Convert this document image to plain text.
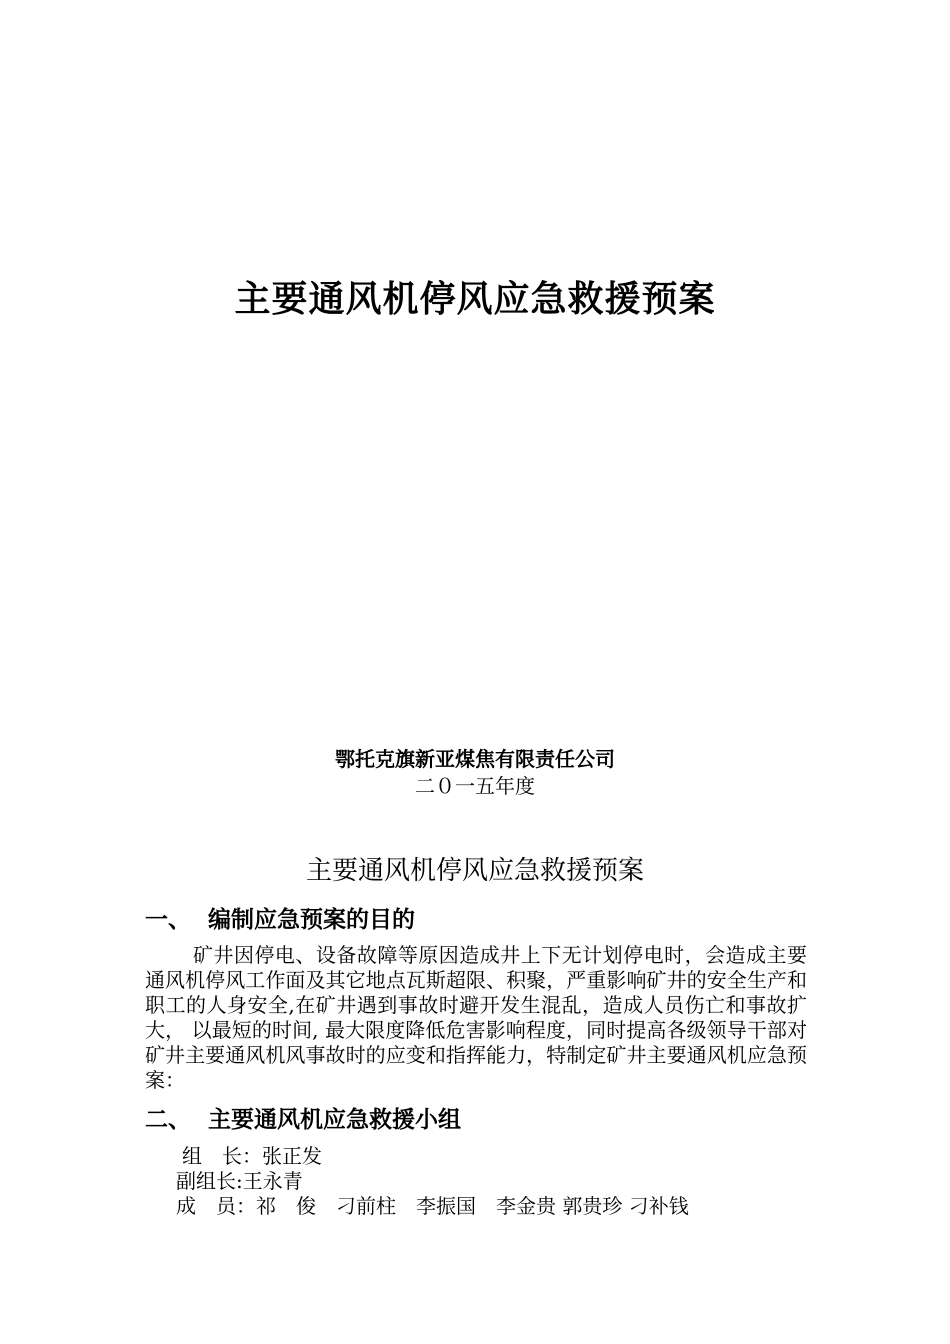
主要通风机停风应急救援预案
鄂托克旗新亚煤焦有限责任公司
二０一五年度
主要通风机停风应急救援预案
一、 编制应急预案的目的
矿井因停电、设备故障等原因造成井上下无计划停电时，会造成主要通风机停风工作面及其它地点瓦斯超限、积聚，严重影响矿井的安全生产和职工的人身安全,在矿井遇到事故时避开发生混乱，造成人员伤亡和事故扩大， 以最短的时间, 最大限度降低危害影响程度，同时提高各级领导干部对矿井主要通风机风事故时的应变和指挥能力，特制定矿井主要通风机应急预案：
二、 主要通风机应急救援小组
组　长：张正发
副组长:王永青
成　员：祁　俊　刁前柱　李振国　李金贵 郭贵珍 刁补钱
